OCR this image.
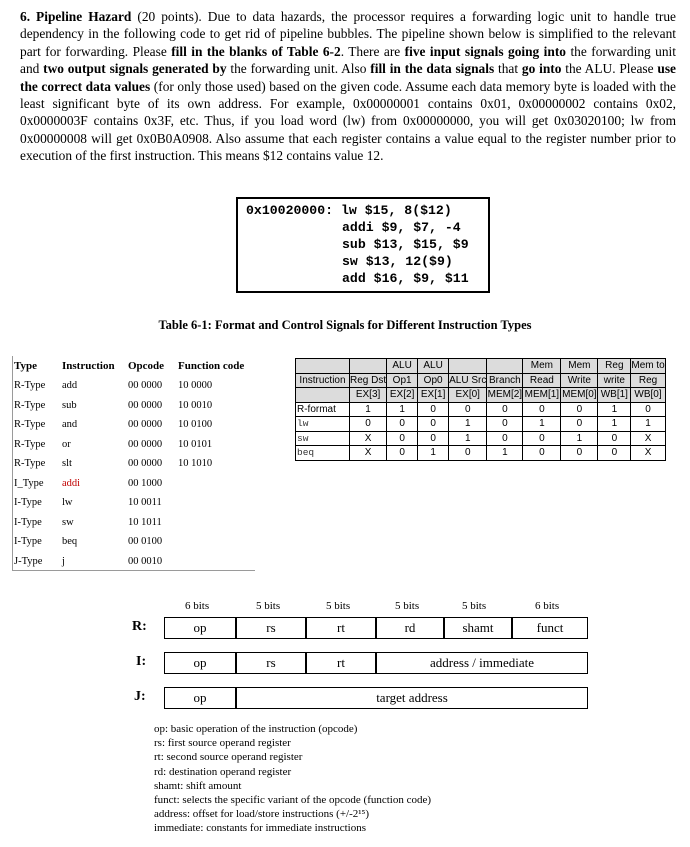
6. Pipeline Hazard (20 points). Due to data hazards, the processor requires a forwarding logic unit to handle true dependency in the following code to get rid of pipeline bubbles. The pipeline shown below is simplified to the relevant part for forwarding. Please fill in the blanks of Table 6-2. There are five input signals going into the forwarding unit and two output signals generated by the forwarding unit. Also fill in the data signals that go into the ALU. Please use the correct data values (for only those used) based on the given code. Assume each data memory byte is loaded with the least significant byte of its own address. For example, 0x00000001 contains 0x01, 0x00000002 contains 0x02, 0x0000003F contains 0x3F, etc. Thus, if you load word (lw) from 0x00000000, you will get 0x03020100; lw from 0x00000008 will get 0x0B0A0908. Also assume that each register contains a value equal to the register number prior to execution of the first instruction. This means $12 contains value 12.
0x10020000: lw $15, 8($12)
addi $9, $7, -4
sub $13, $15, $9
sw $13, 12($9)
add $16, $9, $11
Table 6-1: Format and Control Signals for Different Instruction Types
Type	Instruction	Opcode	Function code
R-Type	add	00 0000	10 0000
R-Type	sub	00 0000	10 0010
R-Type	and	00 0000	10 0100
R-Type	or	00 0000	10 0101
R-Type	slt	00 0000	10 1010
I_Type	addi	00 1000	
I-Type	lw	10 0011	
I-Type	sw	10 1011	
I-Type	beq	00 0100	
J-Type	j	00 0010	
		ALU	ALU			Mem	Mem	Reg	Mem to
Instruction	Reg Dst	Op1	Op0	ALU Src	Branch	Read	Write	write	Reg
	EX[3]	EX[2]	EX[1]	EX[0]	MEM[2]	MEM[1]	MEM[0]	WB[1]	WB[0]
R-format	1	1	0	0	0	0	0	1	0
lw	0	0	0	1	0	1	0	1	1
sw	X	0	0	1	0	0	1	0	X
beq	X	0	1	0	1	0	0	0	X
6 bits	5 bits	5 bits	5 bits	5 bits	6 bits
R:	op	rs	rt	rd	shamt	funct
I:	op	rs	rt	address / immediate
J:	op	target address
op: basic operation of the instruction (opcode)
rs: first source operand register
rt: second source operand register
rd: destination operand register
shamt: shift amount
funct: selects the specific variant of the opcode (function code)
address: offset for load/store instructions (+/-2¹⁵)
immediate: constants for immediate instructions
